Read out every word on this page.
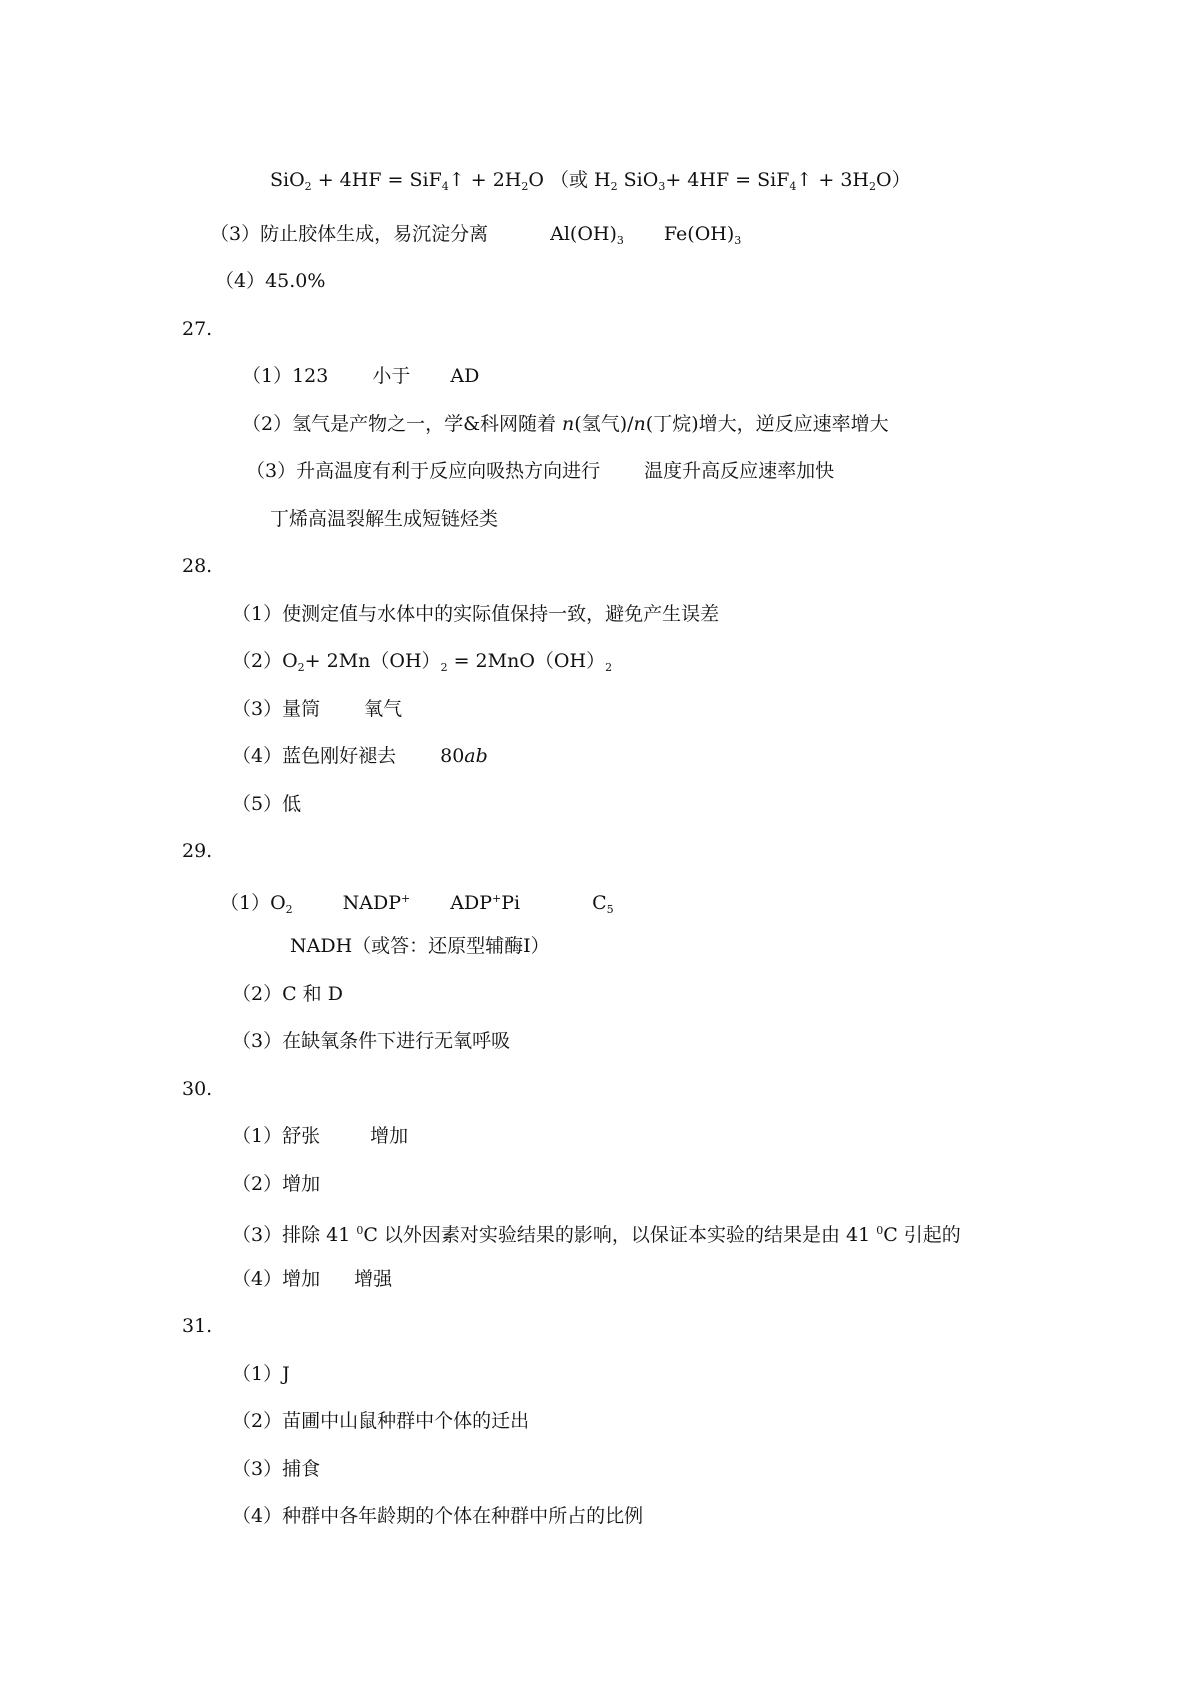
SiO$_2$ + 4HF = SiF$_4$↑ + $2H_2O$ （或 $H_2$ SiO$_3$+ 4HF = SiF$_4$↑ + $3H_2O$）
（3）防止胶体生成，易沉淀分离	$Al(OH)_3$ $Fe(OH)_3$
（4）45.0%
27.
（1）123 小于 AD
（2）氢气是产物之一，学&科网随着 n(氢气)/n(丁烷)增大，逆反应速率增大
（3）升高温度有利于反应向吸热方向进行 温度升高反应速率加快
丁烯高温裂解生成短链烃类
28.
（1）使测定值与水体中的实际值保持一致，避免产生误差
$(2)O_2+ 2Mn(OH)_2 = 2MnO(OH)_2$
（3）量筒 氧气
（4）蓝色刚好褪去 80ab
（5）低
29.
$(1)O_2$	NADP+ ADP+Pi	$C_5$
NADH（或答：还原型辅酶Ⅰ）
（2）C 和 D
（3）在缺氧条件下进行无氧呼吸
30.
（1）舒张	增加
（2）增加
（3）排除 41 $^0$C 以外因素对实验结果的影响，以保证本实验的结果是由 41 $^0$C 引起的
（4）增加 增强
31.
（1）J
（2）苗圃中山鼠种群中个体的迁出
（3）捕食
（4）种群中各年龄期的个体在种群中所占的比例
